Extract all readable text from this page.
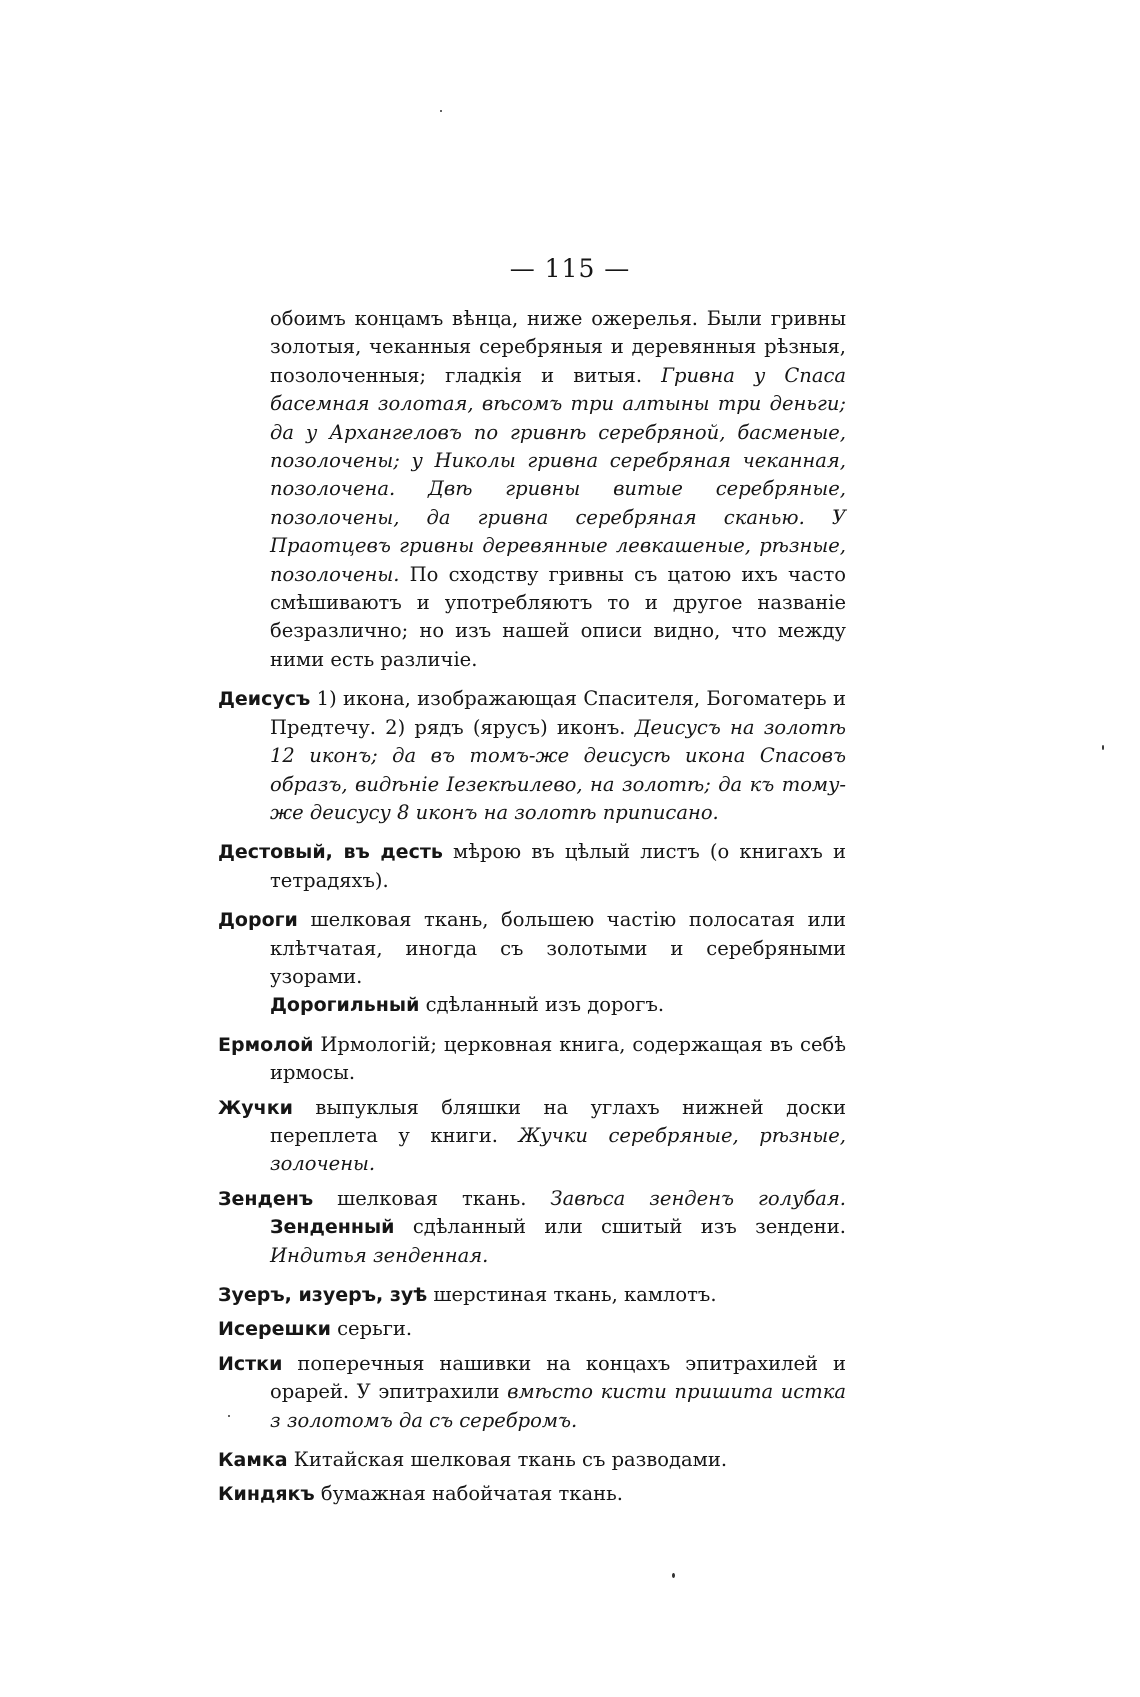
— 115 —

обоимъ концамъ вѣнца, ниже ожерелья. Были гривны золотыя, чеканныя серебряныя и деревянныя рѣзныя, позолоченныя; гладкія и витыя. Гривна у Спаса басемная золотая, вѣсомъ три алтыны три деньги; да у Архангеловъ по гривнѣ серебряной, басменые, позолочены; у Николы гривна серебряная чеканная, позолочена. Двѣ гривны витые серебряные, позолочены, да гривна серебряная сканью. У Праотцевъ гривны деревянные левкашеные, рѣзные, позолочены. По сходству гривны съ цатою ихъ часто смѣшиваютъ и употребляютъ то и другое названіе безразлично; но изъ нашей описи видно, что между ними есть различіе.

Деисусъ 1) икона, изображающая Спасителя, Богоматерь и Предтечу. 2) рядъ (ярусъ) иконъ. Деисусъ на золотѣ 12 иконъ; да въ томъ-же деисусѣ икона Спасовъ образъ, видѣніе Іезекѣилево, на золотѣ; да къ тому-же деисусу 8 иконъ на золотѣ приписано.

Дестовый, въ десть мѣрою въ цѣлый листъ (о книгахъ и тетрадяхъ).

Дороги шелковая ткань, большею частію полосатая или клѣтчатая, иногда съ золотыми и серебряными узорами.
Дорогильный сдѣланный изъ дорогъ.

Ермолой Ирмологій; церковная книга, содержащая въ себѣ ирмосы.

Жучки выпуклыя бляшки на углахъ нижней доски переплета у книги. Жучки серебряные, рѣзные, золочены.

Зенденъ шелковая ткань. Завѣса зенденъ голубая. Зенденный сдѣланный или сшитый изъ зендени. Индитья зенденная.

Зуеръ, изуеръ, зуѣ шерстиная ткань, камлотъ.

Исерешки серьги.

Истки поперечныя нашивки на концахъ эпитрахилей и орарей. У эпитрахили вмѣсто кисти пришита истка з золотомъ да съ серебромъ.

Камка Китайская шелковая ткань съ разводами.

Киндякъ бумажная набойчатая ткань.
